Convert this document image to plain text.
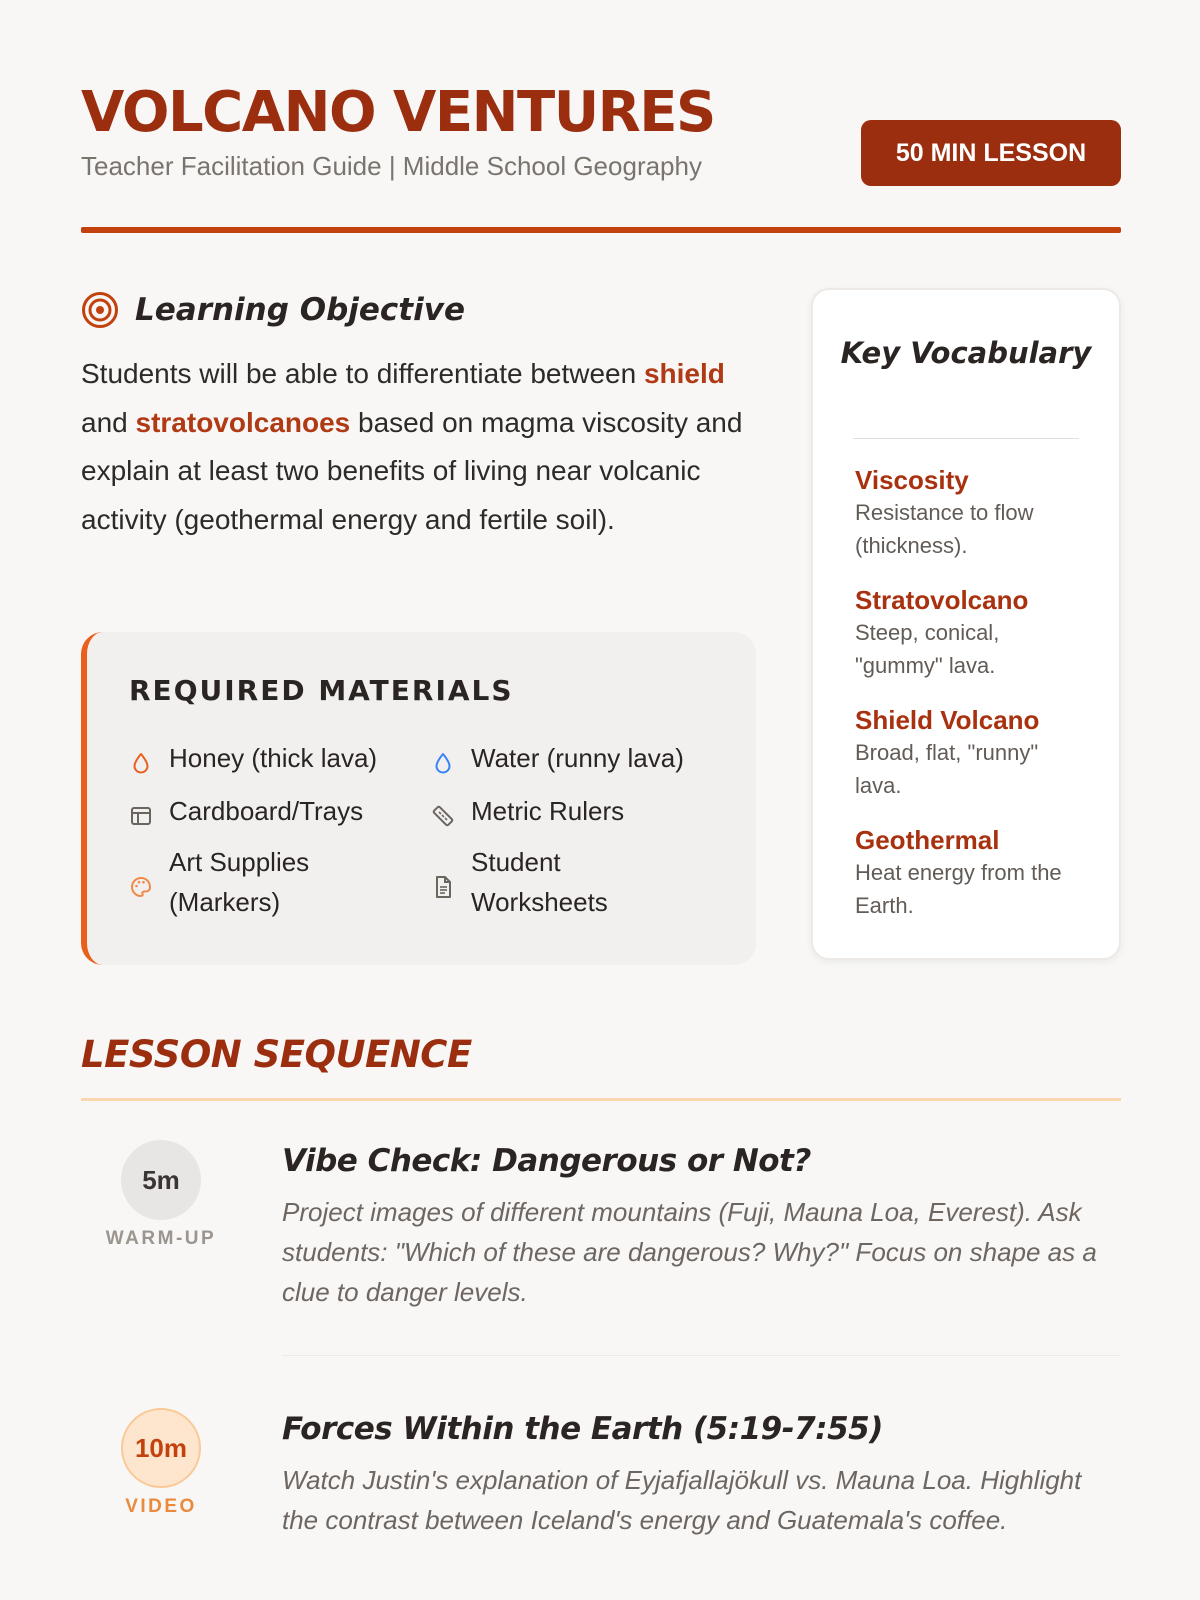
VOLCANO VENTURES
Teacher Facilitation Guide | Middle School Geography	50 MIN LESSON
Learning Objective

Students will be able to differentiate between shield and stratovolcanoes based on magma viscosity and explain at least two benefits of living near volcanic activity (geothermal energy and fertile soil).

REQUIRED MATERIALS
Honey (thick lava)	Water (runny lava)
Cardboard/Trays	Metric Rulers
Art Supplies (Markers)
Student Worksheets
Key Vocabulary
Viscosity
Resistance to flow (thickness).
Stratovolcano
Steep, conical, "gummy" lava.
Shield Volcano
Broad, flat, "runny" lava.
Geothermal
Heat energy from the Earth.
LESSON SEQUENCE
5m
WARM-UP
Vibe Check: Dangerous or Not?
Project images of different mountains (Fuji, Mauna Loa, Everest). Ask students: "Which of these are dangerous? Why?" Focus on shape as a clue to danger levels.
10m
VIDEO
Forces Within the Earth (5:19-7:55)
Watch Justin's explanation of Eyjafjallajökull vs. Mauna Loa. Highlight the contrast between Iceland's energy and Guatemala's coffee.
